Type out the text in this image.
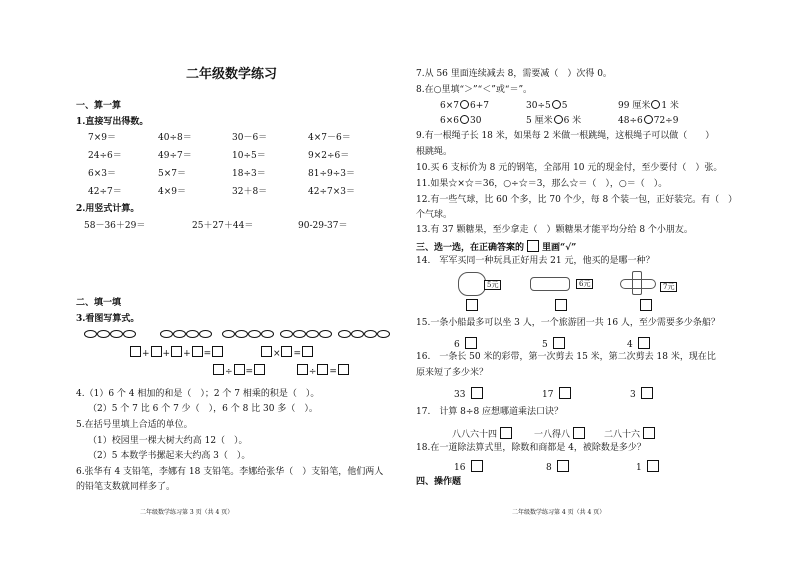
二年级数学练习
一、算一算
1.直接写出得数。
7×9＝	40÷8＝	30－6＝	4×7－6＝
24÷6＝	49÷7＝	10÷5＝	9×2÷6＝
6×3＝	5×7＝	18÷3＝	81÷9÷3＝
42÷7＝	4×9＝	32＋8＝	42÷7×3＝
2.用竖式计算。
58－36＋29＝	25＋27＋44＝	90-29-37＝
二、填一填
3.看图写算式。
+ + + =	× =
÷ =	÷ =
4.（1）6 个 4 相加的和是（　）；2 个 7 相乘的积是（　）。
（2）5 个 7 比 6 个 7 少（　），6 个 8 比 30 多（　）。
5.在括号里填上合适的单位。
（1）校园里一棵大树大约高 12（　）。
（2）5 本数学书摞起来大约高 3（　）。
6.张华有 4 支铅笔，李娜有 18 支铅笔。李娜给张华（　）支铅笔，他们两人
的铅笔支数就同样多了。
二年级数学练习第 3 页（共 4 页）
7.从 56 里面连续减去 8，需要减（　）次得 0。
8.在○里填“＞”“＜”或“＝”。
6×7 6+7	30÷5 5	99 厘米 1 米
6×6 30	5 厘米 6 米	48÷6 72÷9
9.有一根绳子长 18 米，如果每 2 米做一根跳绳，这根绳子可以做（　　）
根跳绳。
10.买 6 支标价为 8 元的钢笔，全部用 10 元的现金付，至少要付（　）张。
11.如果☆×☆＝36，○÷☆＝3，那么☆＝（　），○＝（　）。
12.有一些气球，比 60 个多，比 70 个少，每 8 个装一包，正好装完。有（　）
个气球。
13.有 37 颗糖果，至少拿走（　）颗糖果才能平均分给 8 个小朋友。
三、选一选，在正确答案的 里画“√”
14.　军军买同一种玩具正好用去 21 元，他买的是哪一种？
5元	6元	7元
15.一条小船最多可以坐 3 人，一个旅游团一共 16 人，至少需要多少条船？
6	5	4
16.　一条长 50 米的彩带，第一次剪去 15 米，第二次剪去 18 米，现在比
原来短了多少米？
33	17	3
17.　计算 8÷8 应想哪道乘法口诀？
八八六十四	一八得八	二八十六
18.在一道除法算式里，除数和商都是 4，被除数是多少？
16	8	1
四、操作题
二年级数学练习第 4 页（共 4 页）
